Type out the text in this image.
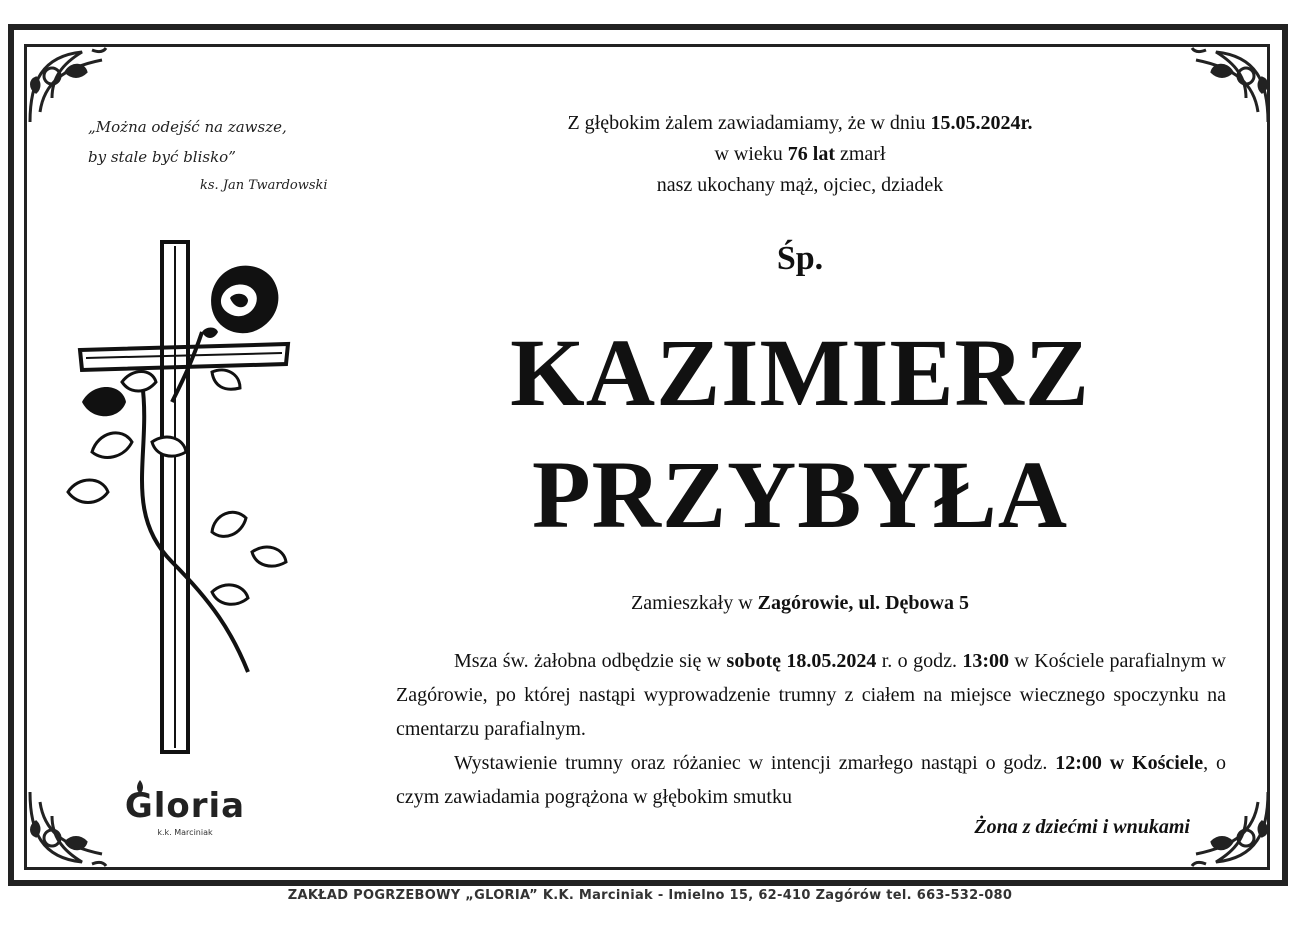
„Można odejść na zawsze,
by stale być blisko”
ks. Jan Twardowski
Gloria
k.k. Marciniak
Z głębokim żalem zawiadamiamy, że w dniu 15.05.2024r.
w wieku 76 lat zmarł
nasz ukochany mąż, ojciec, dziadek
Śp.
KAZIMIERZ
PRZYBYŁA
Zamieszkały w Zagórowie, ul. Dębowa 5

Msza św. żałobna odbędzie się w sobotę 18.05.2024 r. o godz. 13:00 w Kościele parafialnym w Zagórowie, po której nastąpi wyprowadzenie trumny z ciałem na miejsce wiecznego spoczynku na cmentarzu parafialnym.

Wystawienie trumny oraz różaniec w intencji zmarłego nastąpi o godz. 12:00 w Kościele, o czym zawiadamia pogrążona w głębokim smutku

Żona z dziećmi i wnukami
ZAKŁAD POGRZEBOWY „GLORIA” K.K. Marciniak - Imielno 15, 62-410 Zagórów tel. 663-532-080
